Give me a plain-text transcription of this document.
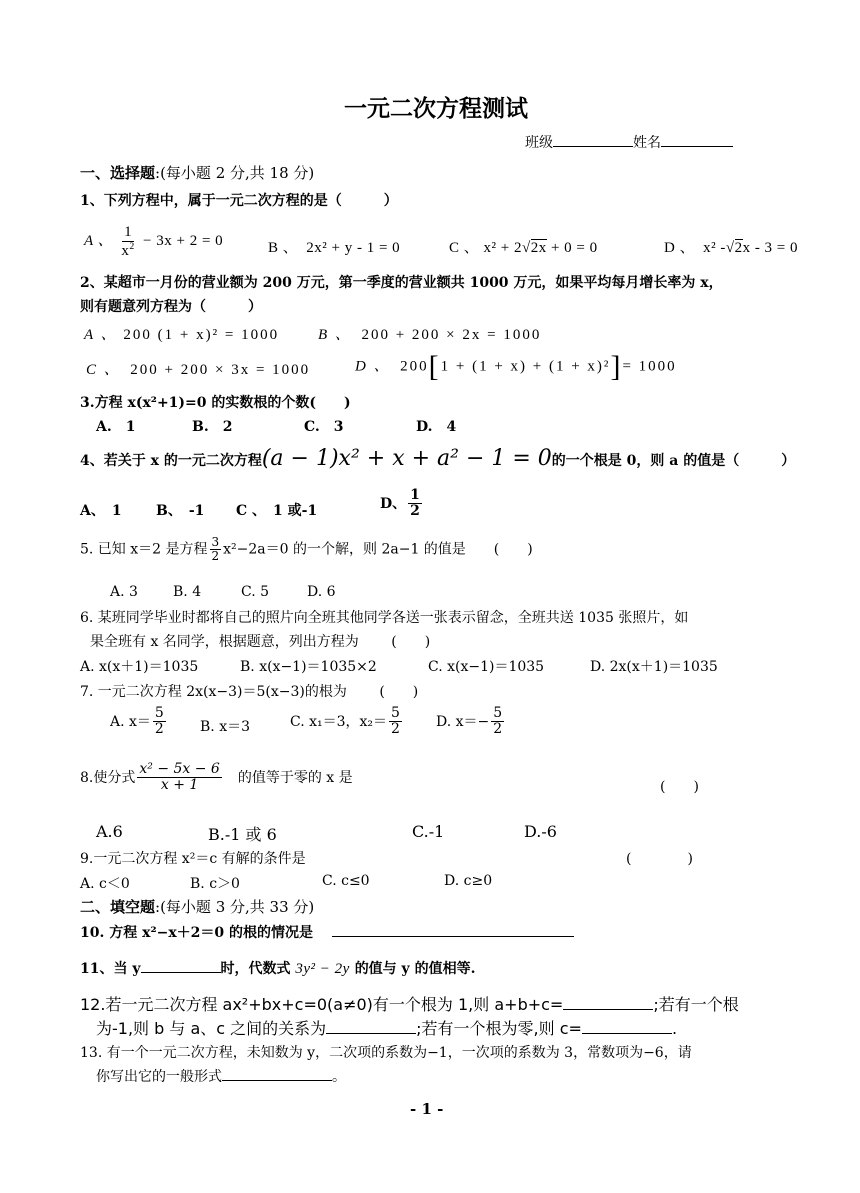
一元二次方程测试
班级	姓名
一、选择题:(每小题 2 分,共 18 分)
1、下列方程中，属于一元二次方程的是（　　　）
A 、 $\frac{1}{x^2} - 3x + 2 = 0$	B 、　2x² + y - 1 = 0	C 、 x² + 2√2x + 0 = 0	D 、　x² -√2x - 3 = 0
2、某超市一月份的营业额为 200 万元，第一季度的营业额共 1000 万元，如果平均每月增长率为 x，
则有题意列方程为（　　　）
A 、 200 (1 + x)² = 1000	B 、　 200 + 200 × 2x = 1000
C 、　 200 + 200 × 3x = 1000	D 、　 200[1 + (1 + x) + (1 + x)²]= 1000
3.方程 x(x²+1)=0 的实数根的个数(　　)
A.　1	B.　2	C.　3	D.　4
4、若关于 x 的一元二次方程(a − 1)x² + x + a² − 1 = 0的一个根是 0，则 a 的值是（　　　）
A、　1 B、　-1 C 、　1 或-1	D、 $\frac{1}{2}$
5. 已知 x＝2 是方程 $\frac{3}{2} x^2-2a=0$ 的一个解，则 2a−1 的值是　　(　　)
A. 3	B. 4	C. 5	D. 6
6. 某班同学毕业时都将自己的照片向全班其他同学各送一张表示留念，全班共送 1035 张照片，如
果全班有 x 名同学，根据题意，列出方程为　　 (　　)
A. x(x＋1)＝1035	B. x(x−1)＝1035×2	C. x(x−1)＝1035	D. 2x(x＋1)＝1035
7. 一元二次方程 2x(x−3)＝5(x−3)的根为　　 (　　)
A. $x= \frac{5}{2} B$. x＝3	C. x₁＝3，$x_2= \frac{5}{2} D$. $x=- \frac{5}{2}$
8.使分式 $\frac{\text{x² − 5x − 6}}{x + 1}$
　 的值等于零的 x 是
(　　)
A.6	B.-1 或 6	C.-1	D.-6
9.一元二次方程 x²＝c 有解的条件是	(　　　　)
A. c＜0	B. c＞0	C. c≤0	D. c≥0
二、填空题:(每小题 3 分,共 33 分)
10. 方程 x²−x＋2＝0 的根的情况是　
11、当 y	时，代数式 3y² − 2y 的值与 y 的值相等.
12.若一元二次方程 ax²+bx+c=0(a≠0)有一个根为 1,则 a+b+c=	;若有一个根
为-1,则 b 与 a、c 之间的关系为	;若有一个根为零,则 c=	.
13. 有一个一元二次方程，未知数为 y，二次项的系数为−1，一次项的系数为 3，常数项为−6，请
你写出它的一般形式	。
- 1 -
